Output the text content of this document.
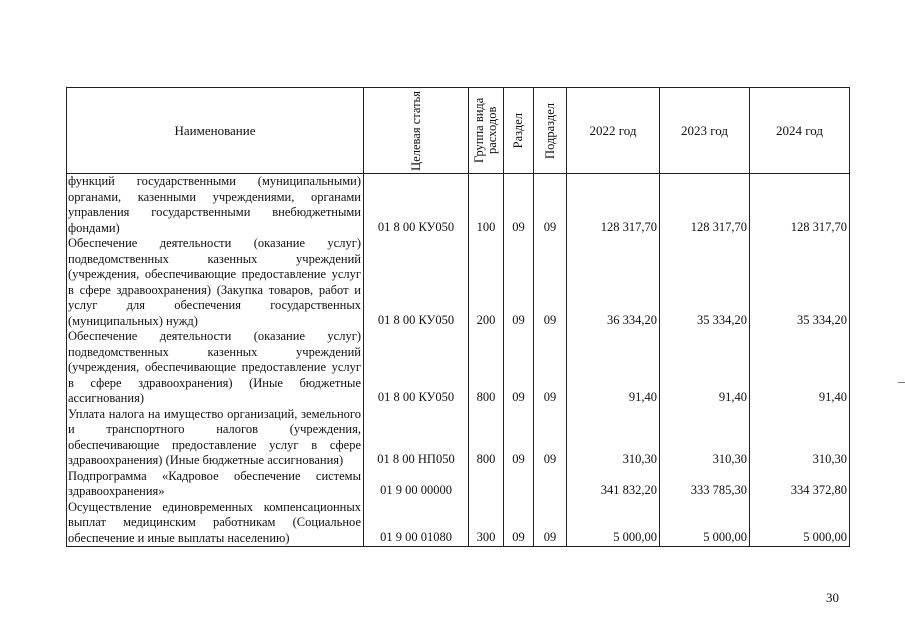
Наименование	Целевая статья	Группа вида расходов	Раздел	Подраздел	2022 год	2023 год	2024 год
функций государственными (муниципальными) органами, казенными учреждениями, органами управления государственными внебюджетными фондами)	01 8 00 КУ050	100	09	09	128 317,70	128 317,70	128 317,70
Обеспечение деятельности (оказание услуг) подведомственных казенных учреждений (учреждения, обеспечивающие предоставление услуг в сфере здравоохранения) (Закупка товаров, работ и услуг для обеспечения государственных (муниципальных) нужд)	01 8 00 КУ050	200	09	09	36 334,20	35 334,20	35 334,20
Обеспечение деятельности (оказание услуг) подведомственных казенных учреждений (учреждения, обеспечивающие предоставление услуг в сфере здравоохранения) (Иные бюджетные ассигнования)	01 8 00 КУ050	800	09	09	91,40	91,40	91,40
Уплата налога на имущество организаций, земельного и транспортного налогов (учреждения, обеспечивающие предоставление услуг в сфере здравоохранения) (Иные бюджетные ассигнования)	01 8 00 НП050	800	09	09	310,30	310,30	310,30
Подпрограмма «Кадровое обеспечение системы здравоохранения»	01 9 00 00000				341 832,20	333 785,30	334 372,80
Осуществление единовременных компенсационных выплат медицинским работникам (Социальное обеспечение и иные выплаты населению)	01 9 00 01080	300	09	09	5 000,00	5 000,00	5 000,00
30
